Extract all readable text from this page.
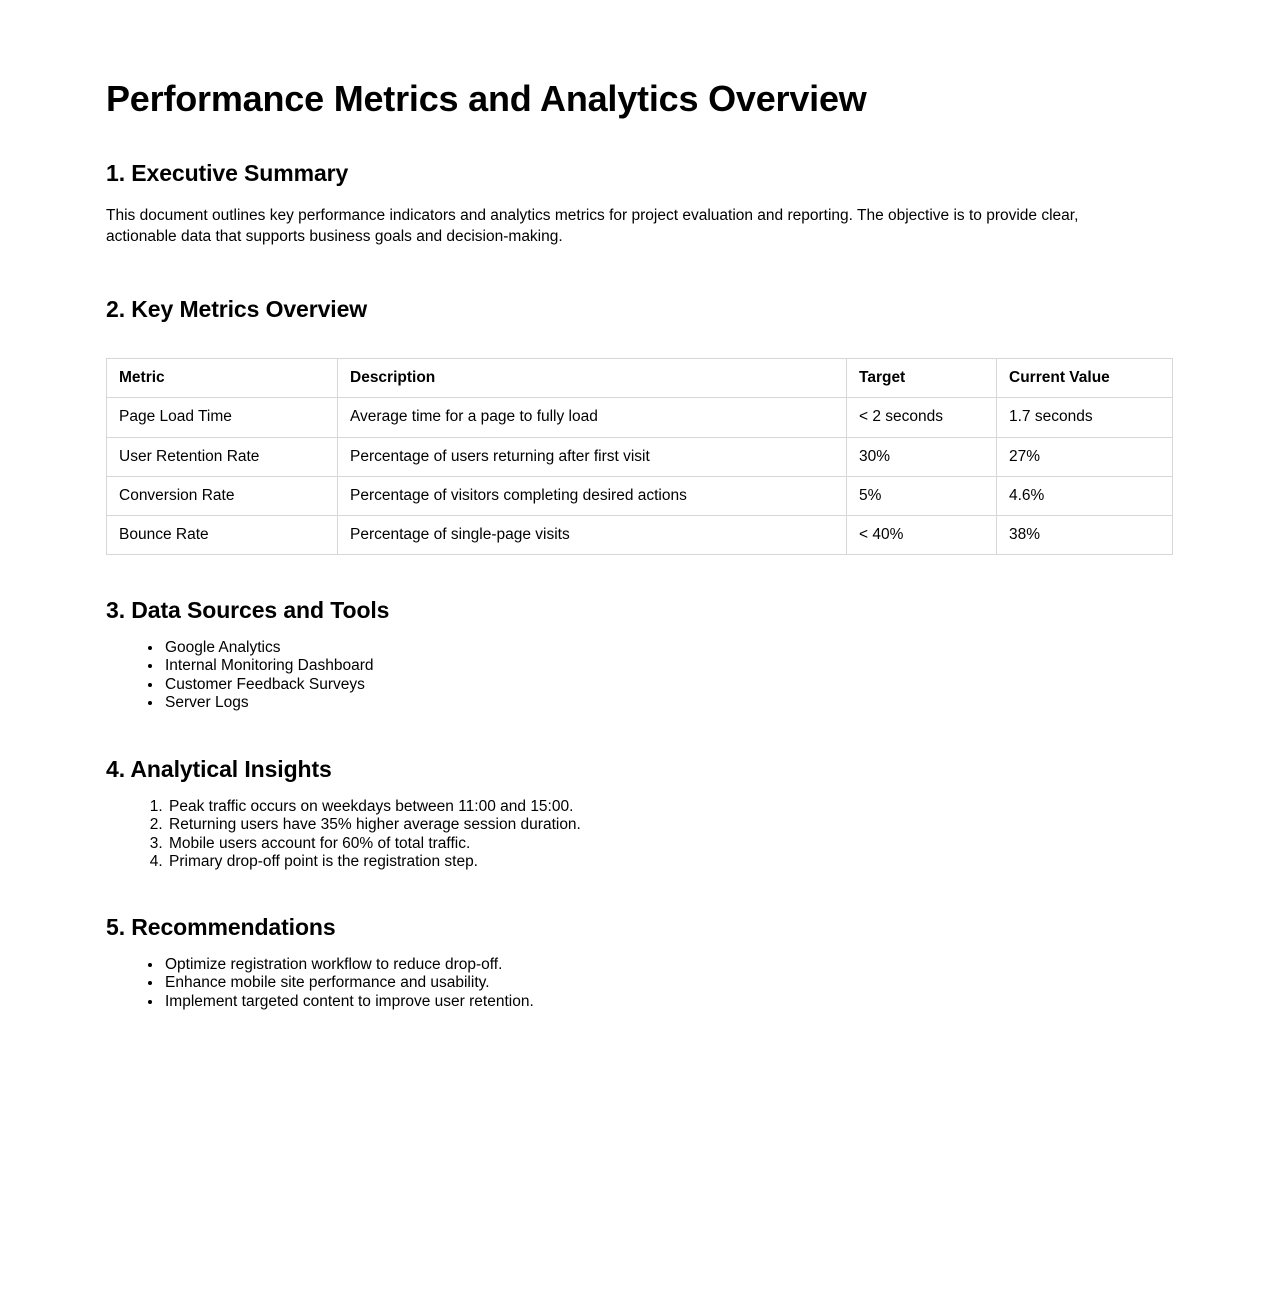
Performance Metrics and Analytics Overview
1. Executive Summary

This document outlines key performance indicators and analytics metrics for project evaluation and reporting. The objective is to provide clear, actionable data that supports business goals and decision-making.

2. Key Metrics Overview
Metric	Description	Target	Current Value
Page Load Time	Average time for a page to fully load	< 2 seconds	1.7 seconds
User Retention Rate	Percentage of users returning after first visit	30%	27%
Conversion Rate	Percentage of visitors completing desired actions	5%	4.6%
Bounce Rate	Percentage of single-page visits	< 40%	38%
3. Data Sources and Tools
• Google Analytics
• Internal Monitoring Dashboard
• Customer Feedback Surveys
• Server Logs
4. Analytical Insights
1. Peak traffic occurs on weekdays between 11:00 and 15:00.
2. Returning users have 35% higher average session duration.
3. Mobile users account for 60% of total traffic.
4. Primary drop-off point is the registration step.
5. Recommendations
• Optimize registration workflow to reduce drop-off.
• Enhance mobile site performance and usability.
• Implement targeted content to improve user retention.
